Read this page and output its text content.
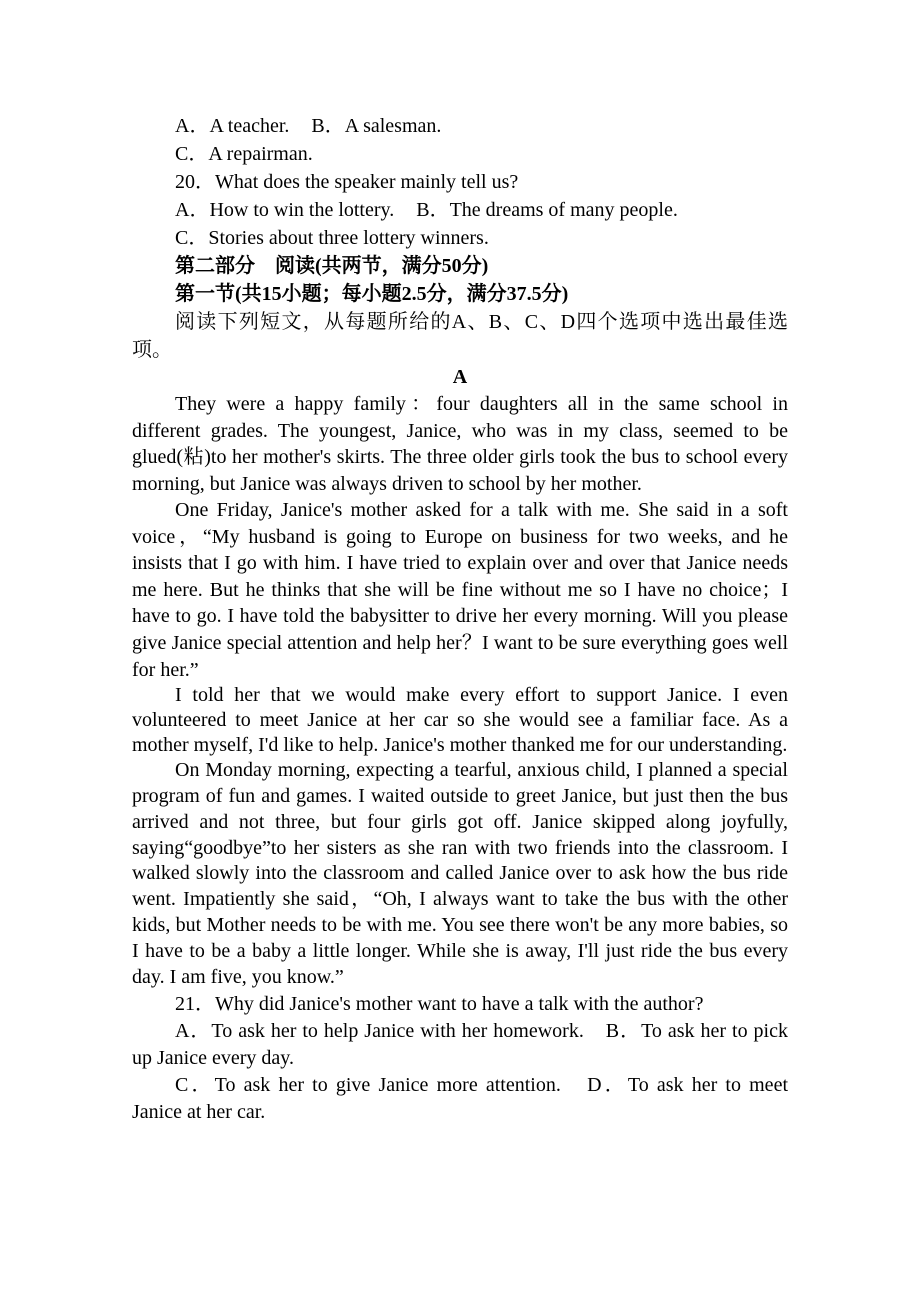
A．A teacher. B．A salesman.
C．A repairman.
20．What does the speaker mainly tell us?
A．How to win the lottery. B．The dreams of many people.
C．Stories about three lottery winners.
第二部分　阅读(共两节，满分50分)
第一节(共15小题；每小题2.5分，满分37.5分)
阅读下列短文，从每题所给的A、B、C、D四个选项中选出最佳选项。
A
They were a happy family：four daughters all in the same school in different grades. The youngest, Janice, who was in my class, seemed to be glued(粘)to her mother's skirts. The three older girls took the bus to school every morning, but Janice was always driven to school by her mother.
One Friday, Janice's mother asked for a talk with me. She said in a soft voice，“My husband is going to Europe on business for two weeks, and he insists that I go with him. I have tried to explain over and over that Janice needs me here. But he thinks that she will be fine without me so I have no choice；I have to go. I have told the babysitter to drive her every morning. Will you please give Janice special attention and help her？I want to be sure everything goes well for her.”
I told her that we would make every effort to support Janice. I even volunteered to meet Janice at her car so she would see a familiar face. As a mother myself, I'd like to help. Janice's mother thanked me for our understanding.
On Monday morning, expecting a tearful, anxious child, I planned a special program of fun and games. I waited outside to greet Janice, but just then the bus arrived and not three, but four girls got off. Janice skipped along joyfully, saying“goodbye”to her sisters as she ran with two friends into the classroom. I walked slowly into the classroom and called Janice over to ask how the bus ride went. Impatiently she said，“Oh, I always want to take the bus with the other kids, but Mother needs to be with me. You see there won't be any more babies, so I have to be a baby a little longer. While she is away, I'll just ride the bus every day. I am five, you know.”
21．Why did Janice's mother want to have a talk with the author?
A．To ask her to help Janice with her homework.　B．To ask her to pick up Janice every day.
C．To ask her to give Janice more attention.　D．To ask her to meet Janice at her car.
